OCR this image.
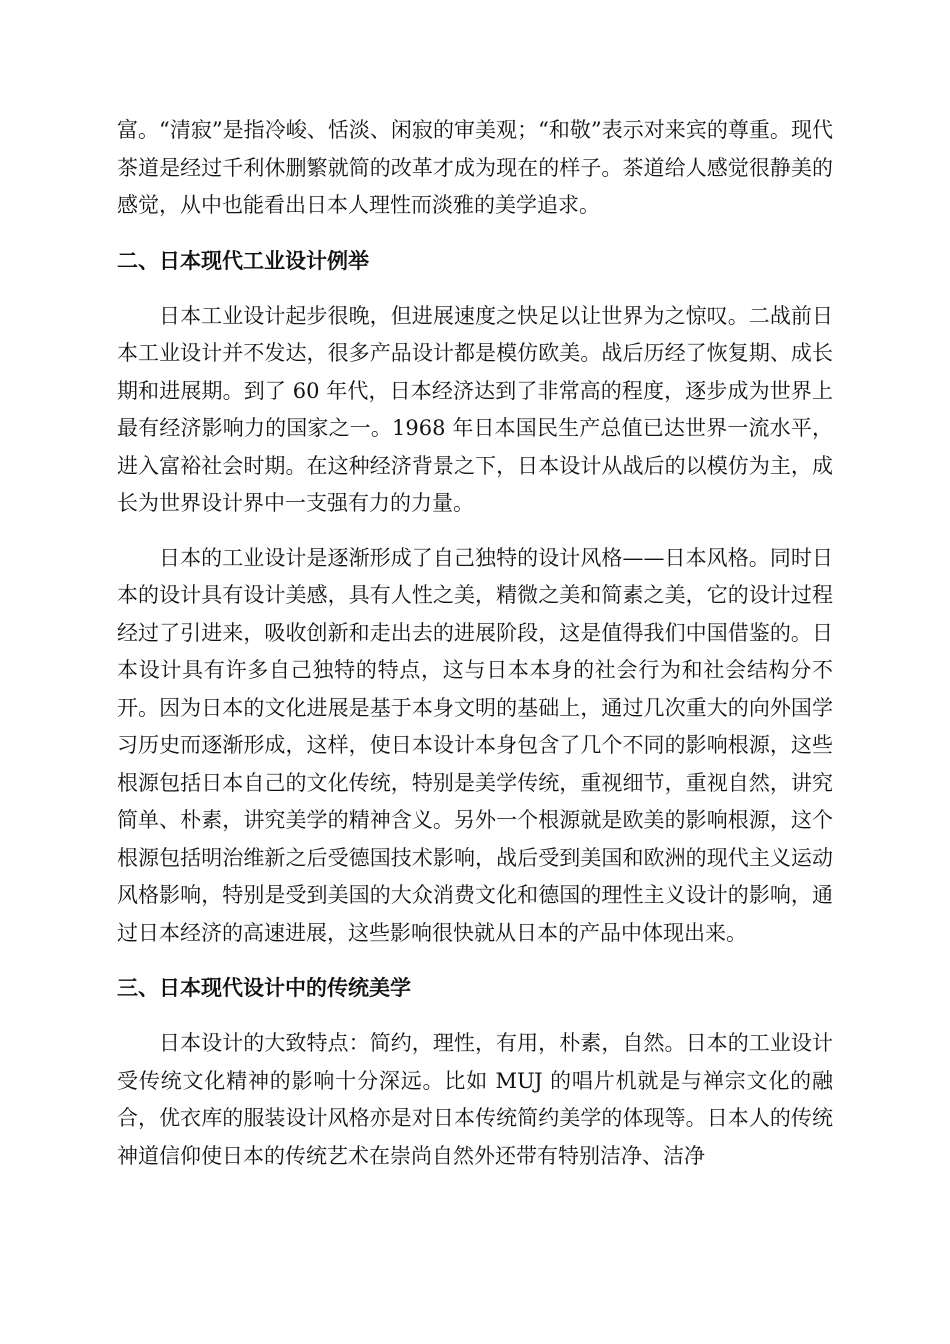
富。“清寂”是指冷峻、恬淡、闲寂的审美观；“和敬”表示对来宾的尊重。现代茶道是经过千利休删繁就简的改革才成为现在的样子。茶道给人感觉很静美的感觉，从中也能看出日本人理性而淡雅的美学追求。

二、日本现代工业设计例举

日本工业设计起步很晚，但进展速度之快足以让世界为之惊叹。二战前日本工业设计并不发达，很多产品设计都是模仿欧美。战后历经了恢复期、成长期和进展期。到了 60 年代，日本经济达到了非常高的程度，逐步成为世界上最有经济影响力的国家之一。1968 年日本国民生产总值已达世界一流水平，进入富裕社会时期。在这种经济背景之下，日本设计从战后的以模仿为主，成长为世界设计界中一支强有力的力量。

日本的工业设计是逐渐形成了自己独特的设计风格——日本风格。同时日本的设计具有设计美感，具有人性之美，精微之美和简素之美，它的设计过程经过了引进来，吸收创新和走出去的进展阶段，这是值得我们中国借鉴的。日本设计具有许多自己独特的特点，这与日本本身的社会行为和社会结构分不开。因为日本的文化进展是基于本身文明的基础上，通过几次重大的向外国学习历史而逐渐形成，这样，使日本设计本身包含了几个不同的影响根源，这些根源包括日本自己的文化传统，特别是美学传统，重视细节，重视自然，讲究简单、朴素，讲究美学的精神含义。另外一个根源就是欧美的影响根源，这个根源包括明治维新之后受德国技术影响，战后受到美国和欧洲的现代主义运动风格影响，特别是受到美国的大众消费文化和德国的理性主义设计的影响，通过日本经济的高速进展，这些影响很快就从日本的产品中体现出来。

三、日本现代设计中的传统美学

日本设计的大致特点：简约，理性，有用，朴素，自然。日本的工业设计受传统文化精神的影响十分深远。比如 MUJ 的唱片机就是与禅宗文化的融合，优衣库的服装设计风格亦是对日本传统简约美学的体现等。日本人的传统神道信仰使日本的传统艺术在崇尚自然外还带有特别洁净、洁净
